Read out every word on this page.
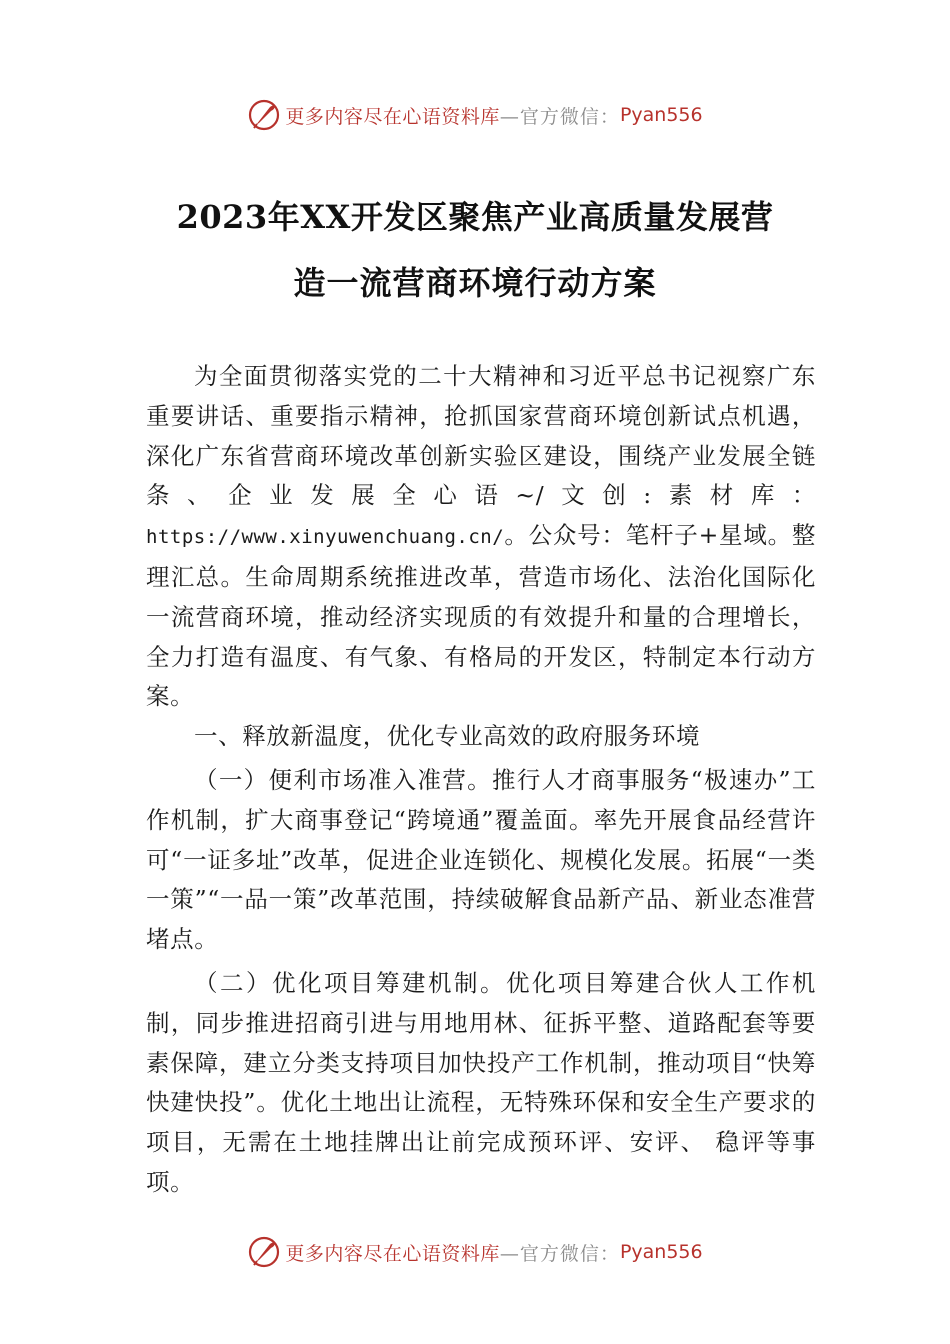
更多内容尽在心语资料库 —官方微信： Pyan556
2023年XX开发区聚焦产业高质量发展营
造一流营商环境行动方案

为全面贯彻落实党的二十大精神和习近平总书记视察广东重要讲话、重要指示精神，抢抓国家营商环境创新试点机遇，深化广东省营商环境改革创新实验区建设，围绕产业发展全链条、企业发展全心语~/文创:素材库：https://www.xinyuwenchuang.cn/。公众号：笔杆子+星域。整理汇总。生命周期系统推进改革，营造市场化、法治化国际化一流营商环境，推动经济实现质的有效提升和量的合理增长，全力打造有温度、有气象、有格局的开发区，特制定本行动方案。

一、释放新温度，优化专业高效的政府服务环境

（一）便利市场准入准营。推行人才商事服务“极速办”工作机制，扩大商事登记“跨境通”覆盖面。率先开展食品经营许可“一证多址”改革，促进企业连锁化、规模化发展。拓展“一类一策”“一品一策”改革范围，持续破解食品新产品、新业态准营堵点。

（二）优化项目筹建机制。优化项目筹建合伙人工作机制，同步推进招商引进与用地用林、征拆平整、道路配套等要素保障，建立分类支持项目加快投产工作机制，推动项目“快筹快建快投”。优化土地出让流程，无特殊环保和安全生产要求的项目，无需在土地挂牌出让前完成预环评、安评、 稳评等事项。

更多内容尽在心语资料库 —官方微信： Pyan556
